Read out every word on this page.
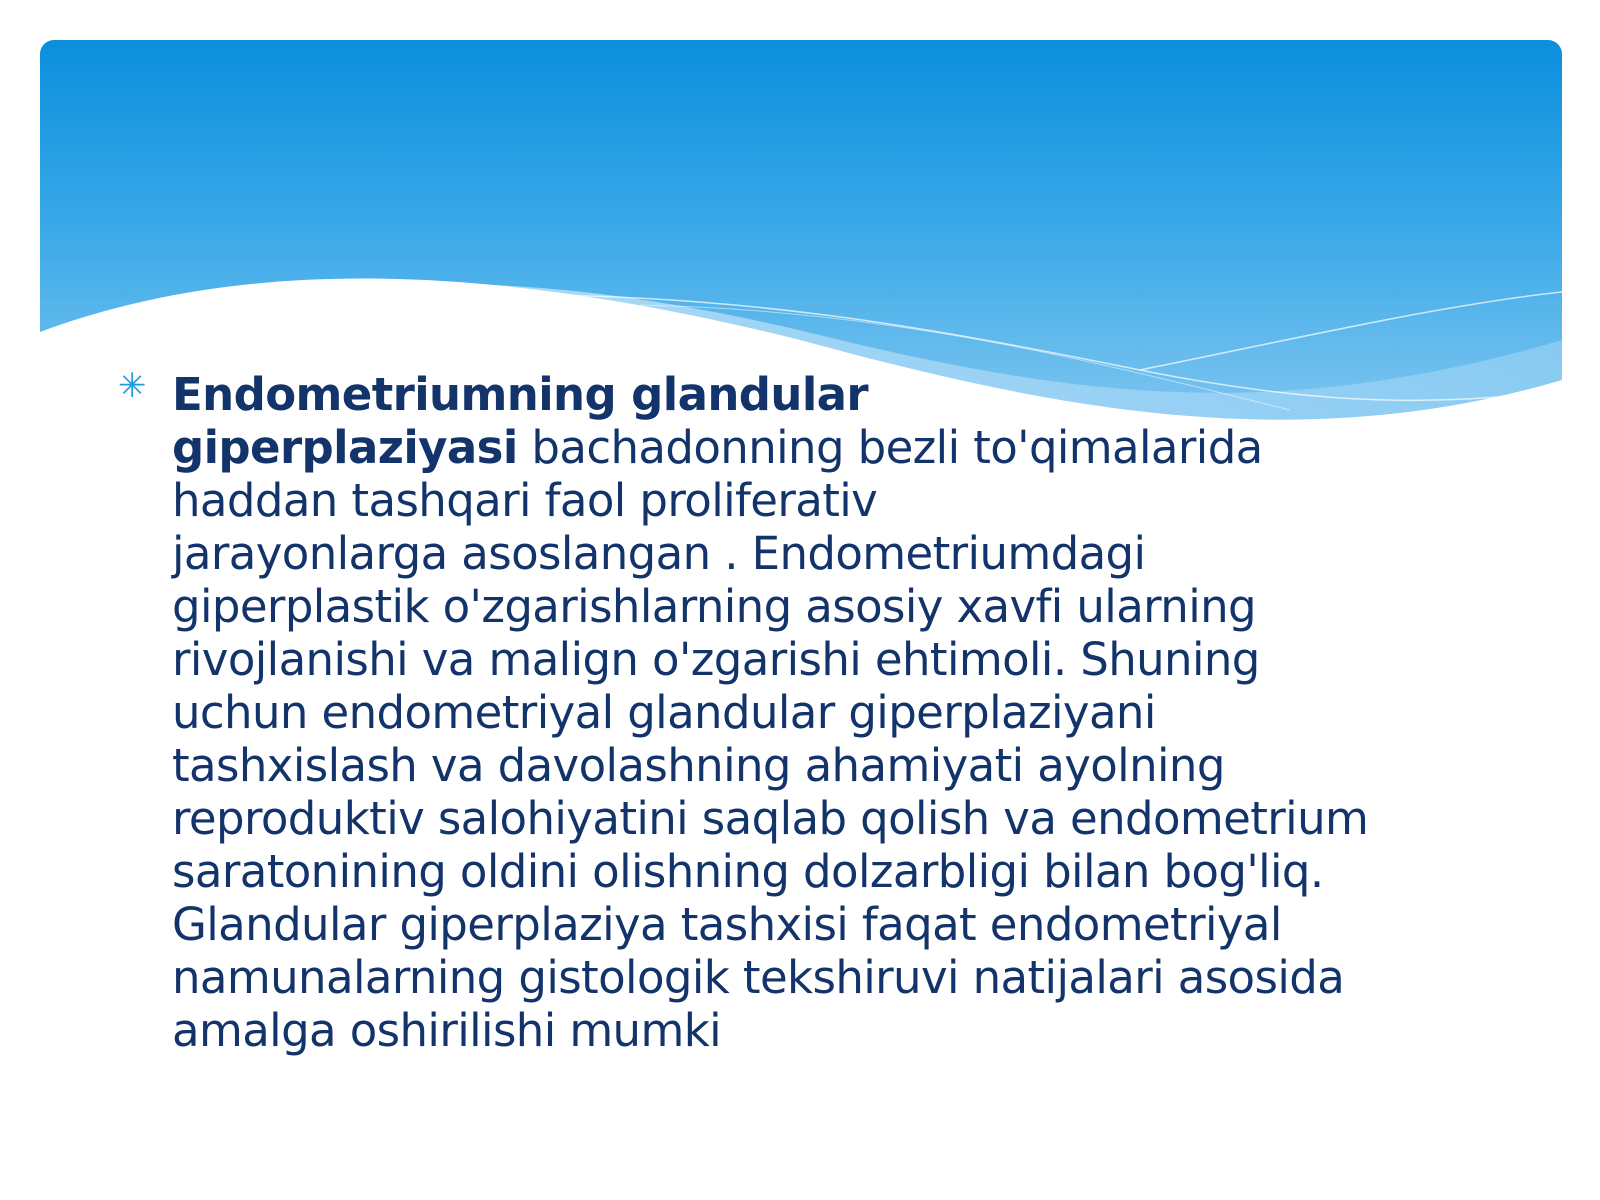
✳ Endometriumning glandular
giperplaziyasi bachadonning bezli to'qimalarida
haddan tashqari faol proliferativ
jarayonlarga asoslangan . Endometriumdagi
giperplastik o'zgarishlarning asosiy xavfi ularning
rivojlanishi va malign o'zgarishi ehtimoli. Shuning
uchun endometriyal glandular giperplaziyani
tashxislash va davolashning ahamiyati ayolning
reproduktiv salohiyatini saqlab qolish va endometrium
saratonining oldini olishning dolzarbligi bilan bog'liq.
Glandular giperplaziya tashxisi faqat endometriyal
namunalarning gistologik tekshiruvi natijalari asosida
amalga oshirilishi mumki
